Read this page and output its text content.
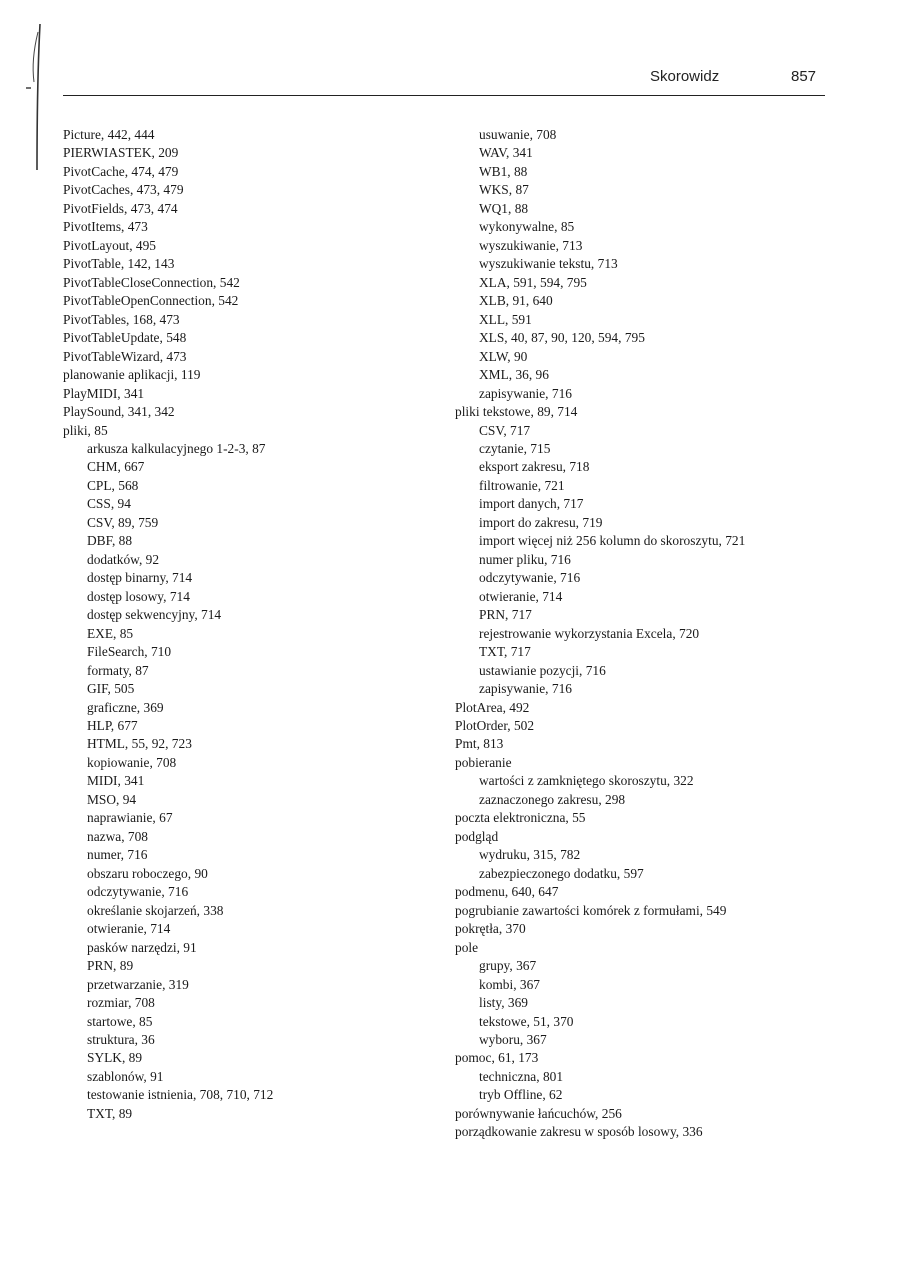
Skorowidz	857
Picture, 442, 444
PIERWIASTEK, 209
PivotCache, 474, 479
PivotCaches, 473, 479
PivotFields, 473, 474
PivotItems, 473
PivotLayout, 495
PivotTable, 142, 143
PivotTableCloseConnection, 542
PivotTableOpenConnection, 542
PivotTables, 168, 473
PivotTableUpdate, 548
PivotTableWizard, 473
planowanie aplikacji, 119
PlayMIDI, 341
PlaySound, 341, 342
pliki, 85
arkusza kalkulacyjnego 1-2-3, 87
CHM, 667
CPL, 568
CSS, 94
CSV, 89, 759
DBF, 88
dodatków, 92
dostęp binarny, 714
dostęp losowy, 714
dostęp sekwencyjny, 714
EXE, 85
FileSearch, 710
formaty, 87
GIF, 505
graficzne, 369
HLP, 677
HTML, 55, 92, 723
kopiowanie, 708
MIDI, 341
MSO, 94
naprawianie, 67
nazwa, 708
numer, 716
obszaru roboczego, 90
odczytywanie, 716
określanie skojarzeń, 338
otwieranie, 714
pasków narzędzi, 91
PRN, 89
przetwarzanie, 319
rozmiar, 708
startowe, 85
struktura, 36
SYLK, 89
szablonów, 91
testowanie istnienia, 708, 710, 712
TXT, 89
usuwanie, 708
WAV, 341
WB1, 88
WKS, 87
WQ1, 88
wykonywalne, 85
wyszukiwanie, 713
wyszukiwanie tekstu, 713
XLA, 591, 594, 795
XLB, 91, 640
XLL, 591
XLS, 40, 87, 90, 120, 594, 795
XLW, 90
XML, 36, 96
zapisywanie, 716
pliki tekstowe, 89, 714
CSV, 717
czytanie, 715
eksport zakresu, 718
filtrowanie, 721
import danych, 717
import do zakresu, 719
import więcej niż 256 kolumn do skoroszytu, 721
numer pliku, 716
odczytywanie, 716
otwieranie, 714
PRN, 717
rejestrowanie wykorzystania Excela, 720
TXT, 717
ustawianie pozycji, 716
zapisywanie, 716
PlotArea, 492
PlotOrder, 502
Pmt, 813
pobieranie
wartości z zamkniętego skoroszytu, 322
zaznaczonego zakresu, 298
poczta elektroniczna, 55
podgląd
wydruku, 315, 782
zabezpieczonego dodatku, 597
podmenu, 640, 647
pogrubianie zawartości komórek z formułami, 549
pokrętła, 370
pole
grupy, 367
kombi, 367
listy, 369
tekstowe, 51, 370
wyboru, 367
pomoc, 61, 173
techniczna, 801
tryb Offline, 62
porównywanie łańcuchów, 256
porządkowanie zakresu w sposób losowy, 336
